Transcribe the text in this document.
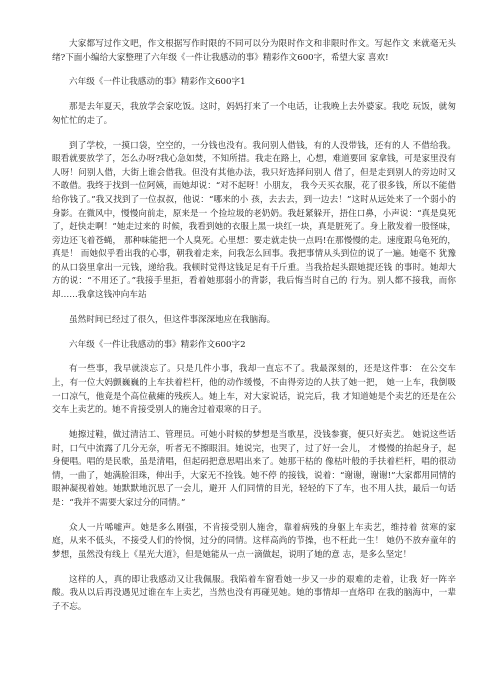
大家都写过作文吧，作文根据写作时限的不同可以分为限时作文和非限时作文。写起作文 来就毫无头绪?下面小编给大家整理了六年级《一件让我感动的事》精彩作文600字，希望大家 喜欢!

六年级《一件让我感动的事》精彩作文600字1

那是去年夏天，我放学会家吃饭。这时，妈妈打来了一个电话，让我晚上去外婆家。我吃 玩饭，就匆匆忙忙的走了。

到了学校，一摸口袋，空空的，一分钱也没有。我问别人借钱，有的人没带钱，还有的人 不借给我。眼看就要放学了，怎么办呀?我心急如焚，不知所措。我走在路上，心想，难道要回 家拿钱，可是家里没有人呀！问别人借，大街上谁会借我。但没有其他办法，我只好选择问别人 借了，但是走到别人的旁边时又不敢借。我终于找到一位阿姨，而她却说：“对不起呀！小朋友， 我今天买衣服，花了很多钱，所以不能借给你钱了。”我又找到了一位叔叔，他说：“哪来的小 孩，去去去，到一边去！”这时从远处来了一个弱小的身影。在微风中，慢慢向前走，原来是一 个捡垃圾的老奶奶。我赶紧躲开，捂住口鼻，小声说：“真是臭死了，赶快走啊！”她走过来的 时候，我看到她的衣服上黑一块红一块，真是脏死了。身上散发着一股怪味，旁边还飞着苍蝇， 那种味能把一个人臭死。心里想：要走就走快一点吗!在那慢慢的走。速度跟乌龟死的，真是！ 而她似乎看出我的心事，朝我着走来，问我怎么回事。我把事情从头到位的说了一遍。她毫不 犹豫的从口袋里拿出一元钱，递给我。我顿时觉得这钱足足有千斤重。当我拾起头跟她提还钱 的事时。她却大方的说：“不用还了。”我接手里拒，看着她那弱小的背影，我后悔当时自己的 行为。别人都不接我，而你却……我拿这钱冲向车站

虽然时间已经过了很久，但这件事深深地应在我脑海。

六年级《一件让我感动的事》精彩作文600字2

有一些事，我早就淡忘了。只是几件小事，我却一直忘不了。我最深刻的，还是这件事： 在公交车上，有一位大妈颤巍巍的上车扶着栏杆，他的动作缓慢，不由得旁边的人扶了她一把， 她一上车，我倒吸一口凉气，他竟是个高位截瘫的残疾人。她上车，对大家说话，说完后，我 才知道她是个卖艺的还是在公交车上卖艺的。她不肯接受别人的施舍过着艰寒的日子。

她擦过鞋，做过清洁工、管理员。可她小时候的梦想是当歌星，没钱参赛，便只好卖艺。 她说这些话时，口气中流露了几分无奈，听者无不擦眼泪。她说完，也哭了，过了好一会儿， 才慢慢的抬起身子，起身便唱。唱的是民歌，虽是清唱，但起码把意思唱出来了。她那干枯的 像枯叶般的手扶着栏杆，唱的很动情，一曲了，她满脸泪珠，伸出手，大家无不捡钱。她不停 的接钱，说着：“谢谢，谢谢!”大家都用同情的眼神凝视着她。她默默地沉思了一会儿，避开 人们同情的目光，轻轻的下了车，也不用人扶，最后一句话是：“我并不需要大家过分的同情。”

众人一片唏嘘声。她是多么刚强，不肯接受别人施舍，靠着病残的身躯上车卖艺，维持着 贫寒的家庭，从来不低头，不接受人们的怜悯，过分的同情。这样高尚的节操，也不枉此一生！ 她仍不放弃童年的梦想，虽然没有线上《星光大道》，但是她能从一点一滴做起，说明了她的意 志，是多么坚定！

这样的人，真的即让我感动又让我佩服。我陷着车窗看她一步又一步的艰难的走着，让我 好一阵辛酸。我从以后再没遇见过谁在车上卖艺，当然也没有再碰见她。她的事情却一直烙印 在我的脑海中，一辈子不忘。
